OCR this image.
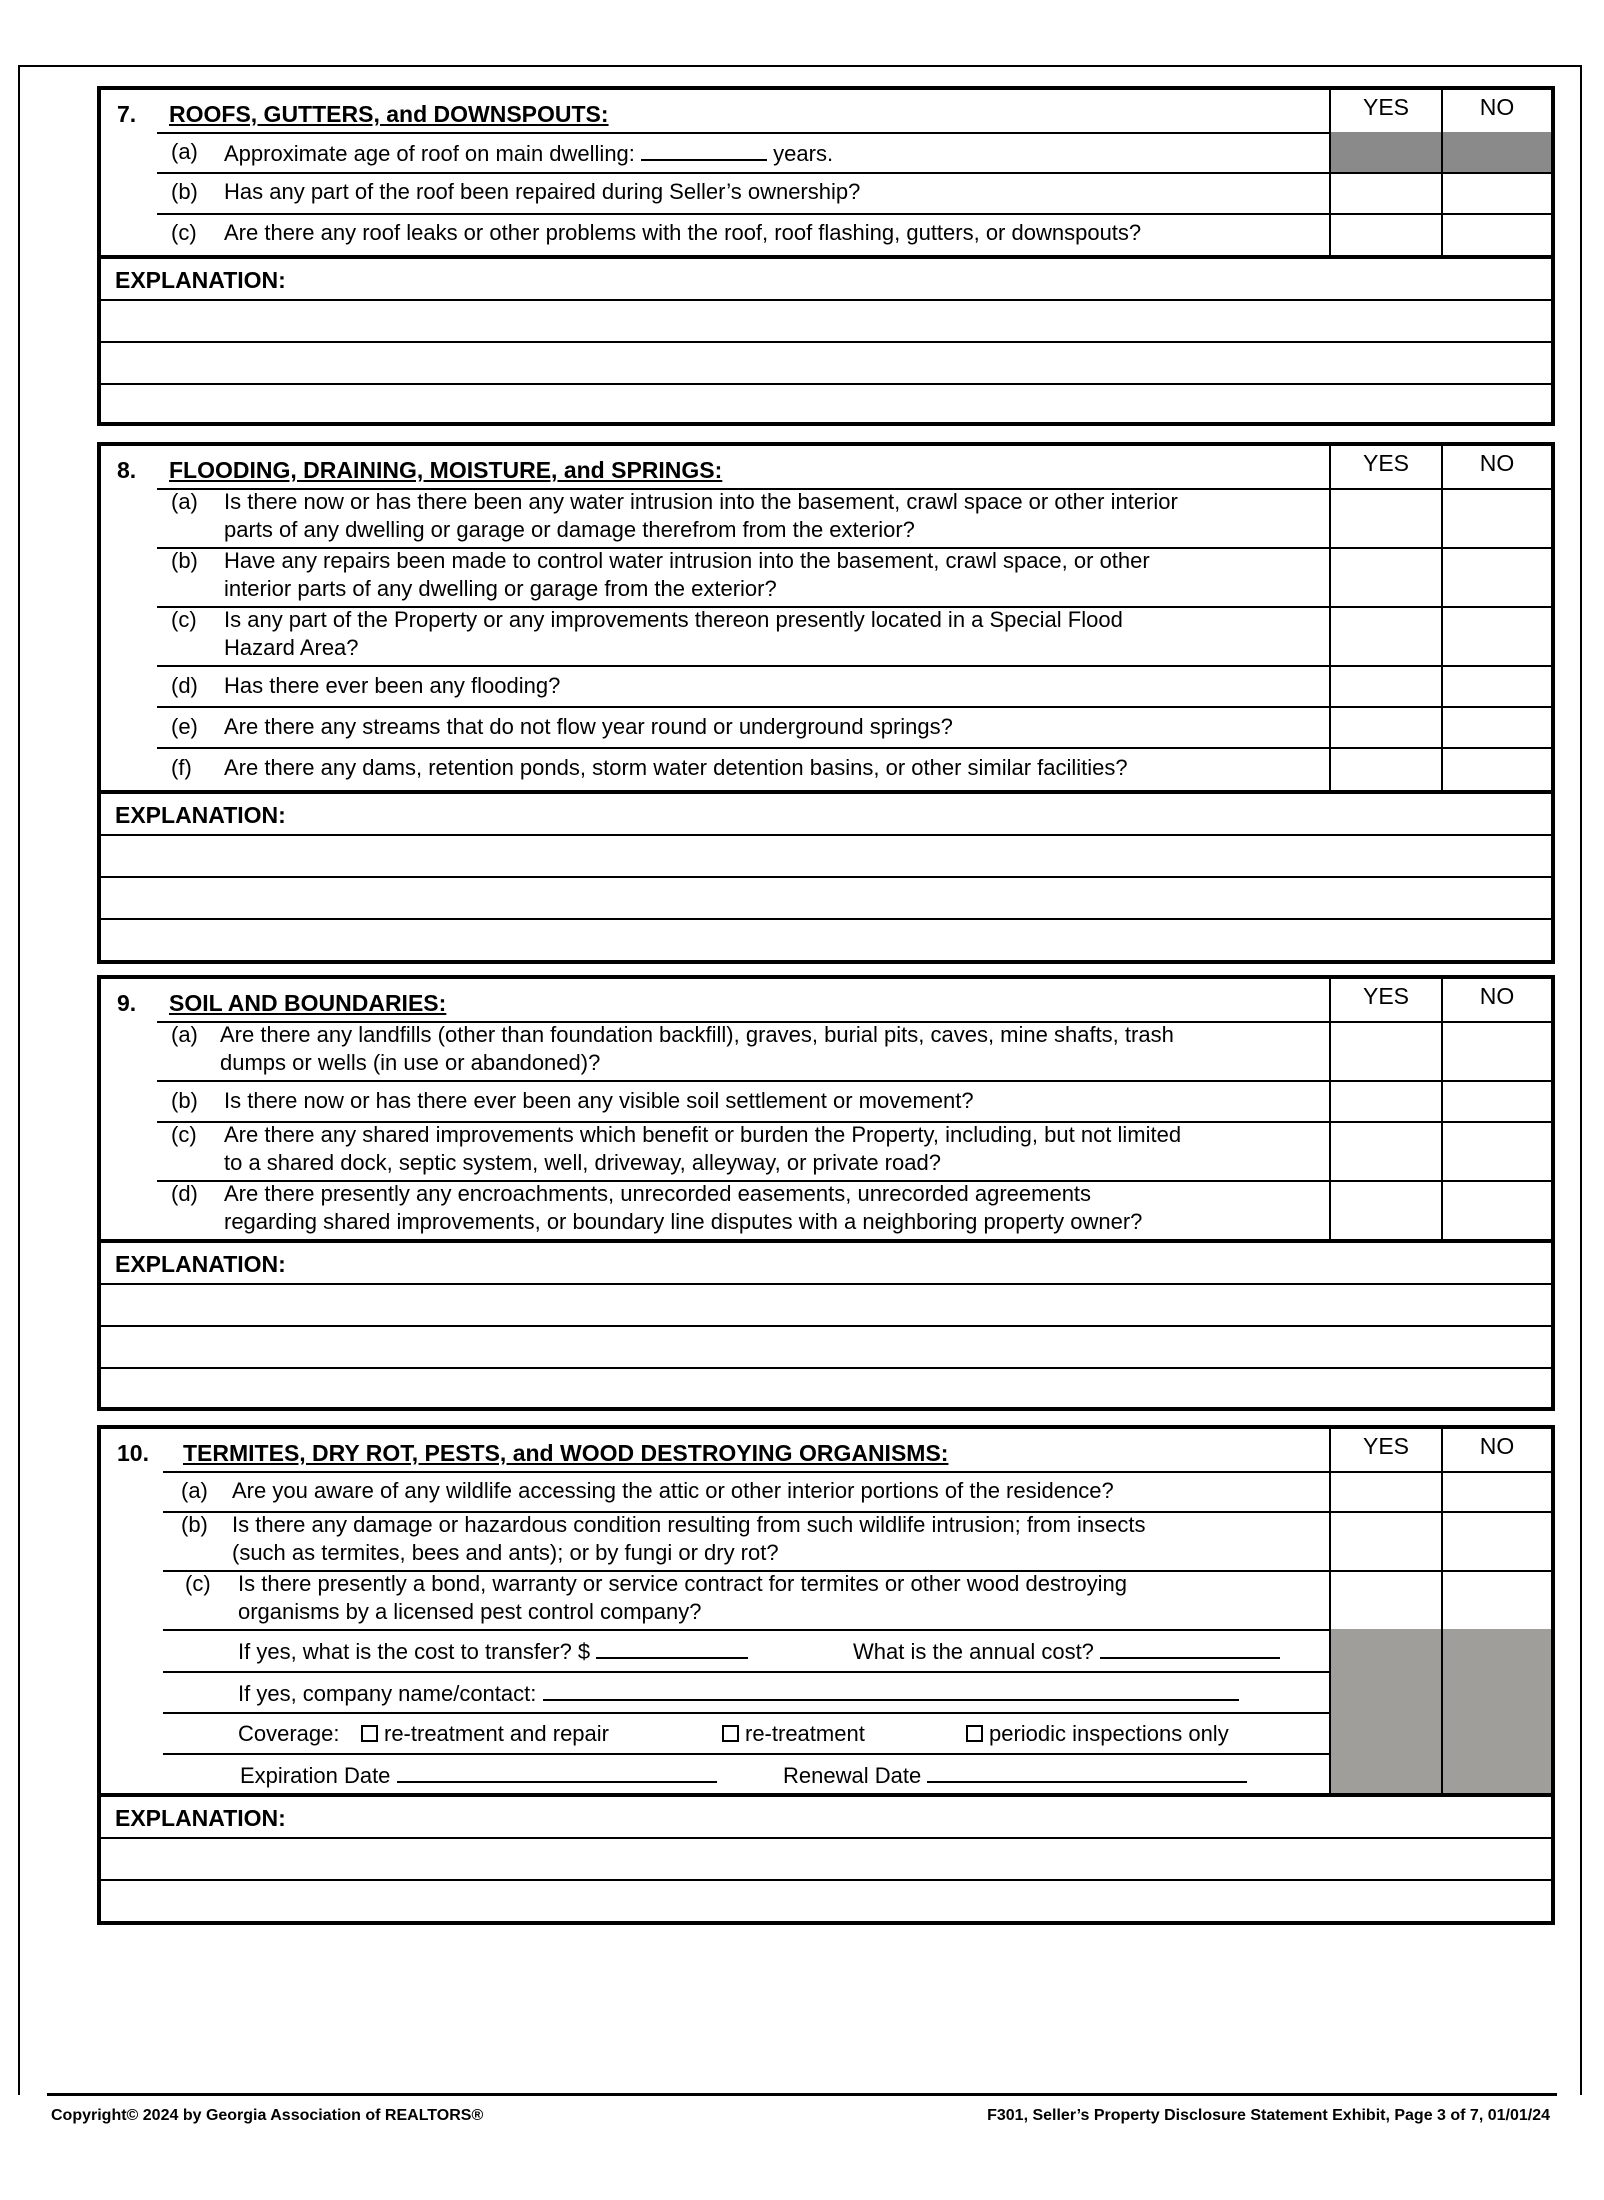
7. ROOFS, GUTTERS, and DOWNSPOUTS:	YES	NO
(a) Approximate age of roof on main dwelling:	years.
(b) Has any part of the roof been repaired during Seller’s ownership?
(c) Are there any roof leaks or other problems with the roof, roof flashing, gutters, or downspouts?
EXPLANATION:
8. FLOODING, DRAINING, MOISTURE, and SPRINGS:	YES	NO
(a) Is there now or has there been any water intrusion into the basement, crawl space or other interior
parts of any dwelling or garage or damage therefrom from the exterior?
(b) Have any repairs been made to control water intrusion into the basement, crawl space, or other
interior parts of any dwelling or garage from the exterior?
(c) Is any part of the Property or any improvements thereon presently located in a Special Flood
Hazard Area?
(d) Has there ever been any flooding?
(e) Are there any streams that do not flow year round or underground springs?
(f) Are there any dams, retention ponds, storm water detention basins, or other similar facilities?
EXPLANATION:
9. SOIL AND BOUNDARIES:	YES	NO
(a) Are there any landfills (other than foundation backfill), graves, burial pits, caves, mine shafts, trash
dumps or wells (in use or abandoned)?
(b) Is there now or has there ever been any visible soil settlement or movement?
(c) Are there any shared improvements which benefit or burden the Property, including, but not limited
to a shared dock, septic system, well, driveway, alleyway, or private road?
(d) Are there presently any encroachments, unrecorded easements, unrecorded agreements
regarding shared improvements, or boundary line disputes with a neighboring property owner?
EXPLANATION:
10. TERMITES, DRY ROT, PESTS, and WOOD DESTROYING ORGANISMS:	YES	NO
(a) Are you aware of any wildlife accessing the attic or other interior portions of the residence?
(b) Is there any damage or hazardous condition resulting from such wildlife intrusion; from insects
(such as termites, bees and ants); or by fungi or dry rot?
(c) Is there presently a bond, warranty or service contract for termites or other wood destroying
organisms by a licensed pest control company?
If yes, what is the cost to transfer? $	What is the annual cost?
If yes, company name/contact:
Coverage:	re-treatment and repair	re-treatment	periodic inspections only
Expiration Date	Renewal Date
EXPLANATION:
Copyright© 2024 by Georgia Association of REALTORS®	F301, Seller’s Property Disclosure Statement Exhibit, Page 3 of 7, 01/01/24
